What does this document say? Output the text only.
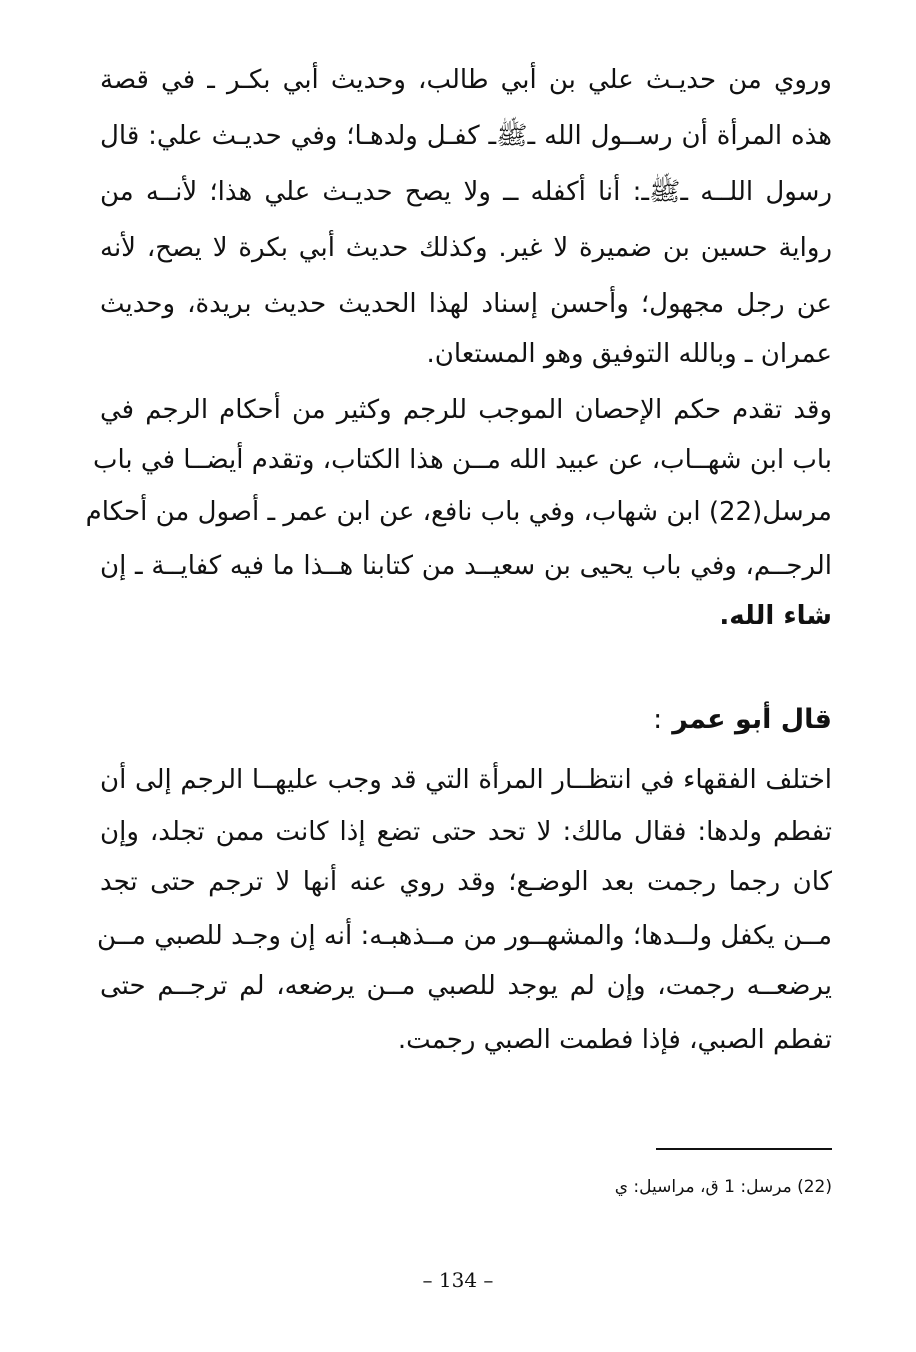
وروي من حديـث علي بن أبي طالب، وحديث أبي بكـر ـ في قصة
هذه المرأة أن رســول الله ـﷺـ كفـل ولدهـا؛ وفي حديـث علي: قال
رسول اللــه ـﷺـ: أنا أكفله ــ ولا يصح حديـث علي هذا؛ لأنــه من
رواية حسين بن ضميرة لا غير. وكذلك حديث أبي بكرة لا يصح، لأنه
عن رجل مجهول؛ وأحسن إسناد لهذا الحديث حديث بريدة، وحديث
عمران ـ وبالله التوفيق وهو المستعان.
وقد تقدم حكم الإحصان الموجب للرجم وكثير من أحكام الرجم في
باب ابن شهــاب، عن عبيد الله مــن هذا الكتاب، وتقدم أيضــا في باب
مرسل(22) ابن شهاب، وفي باب نافع، عن ابن عمر ـ أصول من أحكام
الرجــم، وفي باب يحيى بن سعيــد من كتابنا هــذا ما فيه كفايــة ـ إن
شاء الله.
قال أبو عمر:
اختلف الفقهاء في انتظــار المرأة التي قد وجب عليهــا الرجم إلى أن
تفطم ولدها: فقال مالك: لا تحد حتى تضع إذا كانت ممن تجلد، وإن
كان رجما رجمت بعد الوضـع؛ وقد روي عنه أنها لا ترجم حتى تجد
مــن يكفل ولــدها؛ والمشهــور من مــذهبـه: أنه إن وجـد للصبي مــن
يرضعــه رجمت، وإن لم يوجد للصبي مــن يرضعه، لم ترجــم حتى
تفطم الصبي، فإذا فطمت الصبي رجمت.
(22) مرسل: 1 ق، مراسيل: ي
– 134 –
